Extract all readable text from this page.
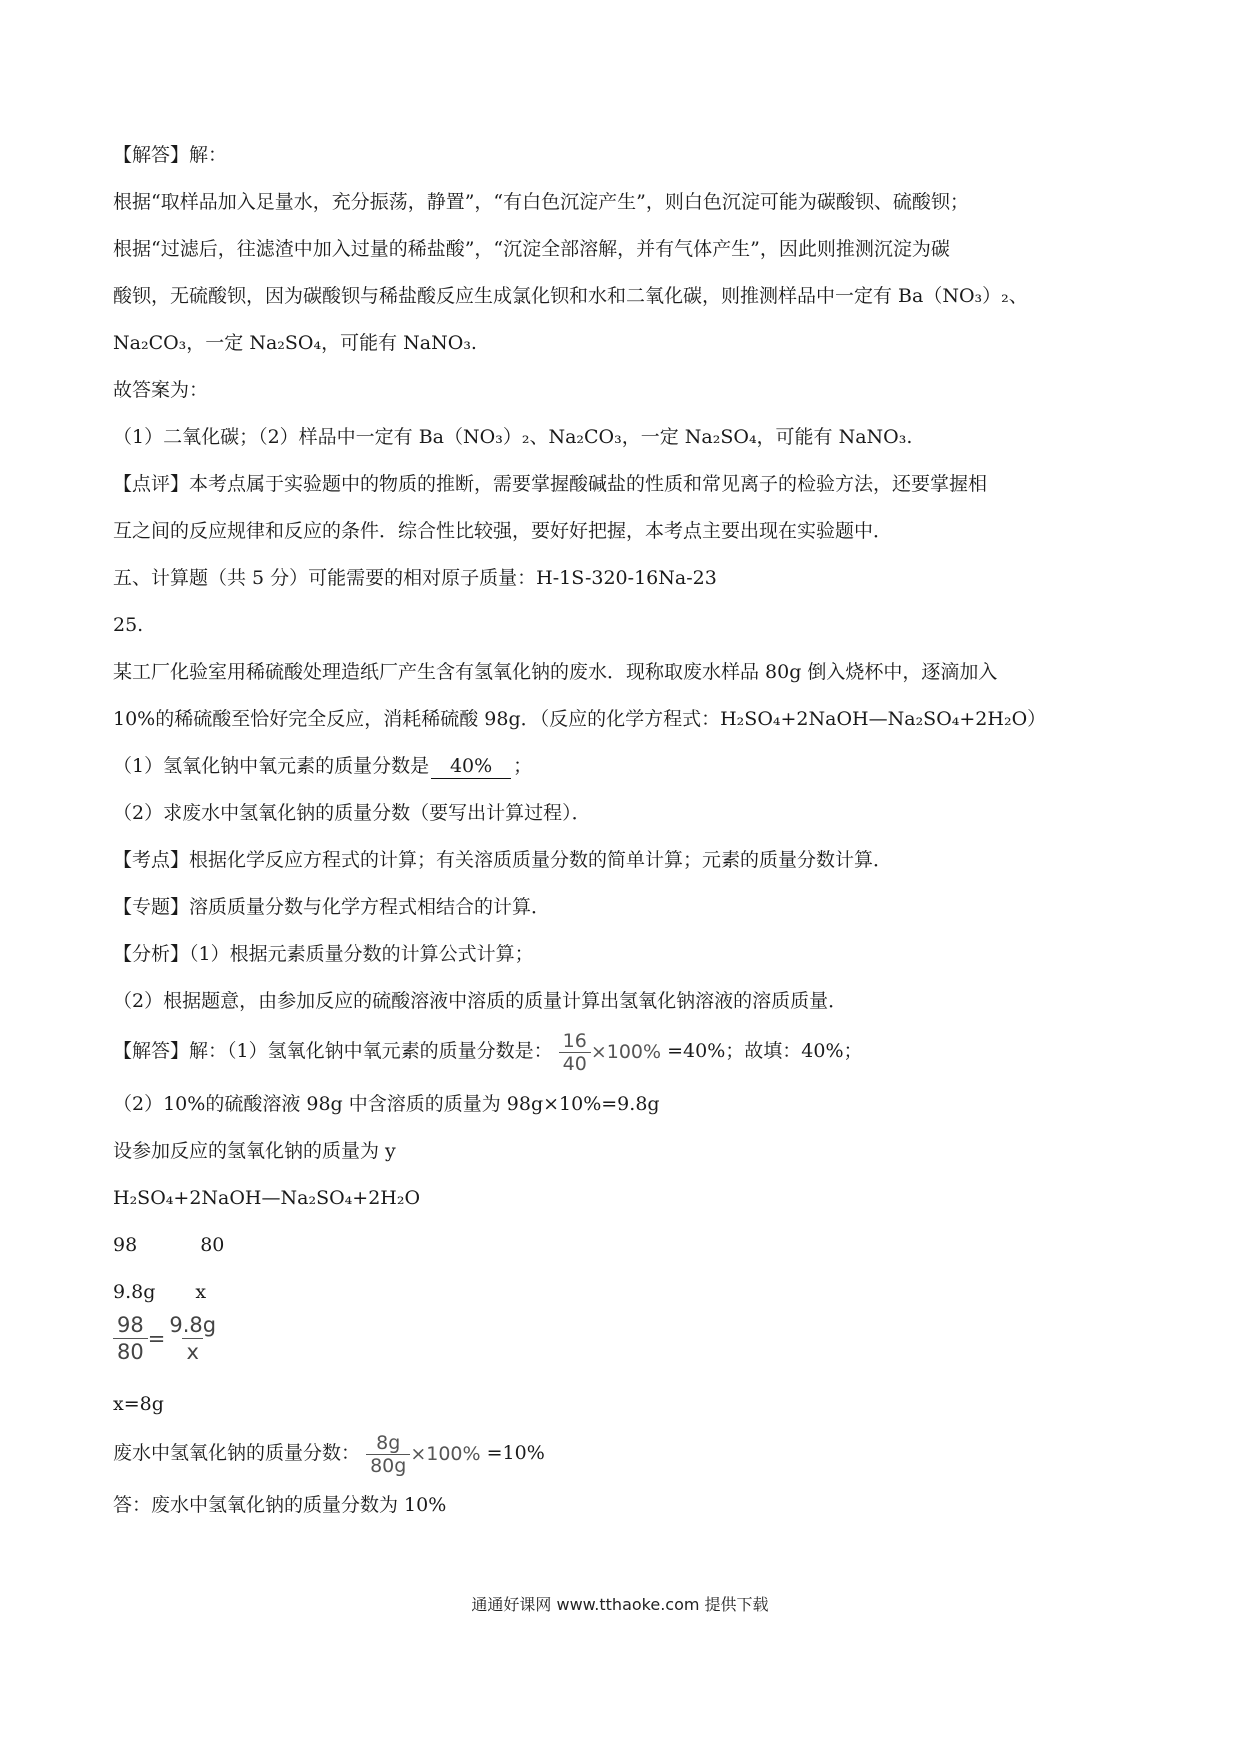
【解答】解：
根据“取样品加入足量水，充分振荡，静置”，“有白色沉淀产生”，则白色沉淀可能为碳酸钡、硫酸钡；
根据“过滤后，往滤渣中加入过量的稀盐酸”，“沉淀全部溶解，并有气体产生”，因此则推测沉淀为碳
酸钡，无硫酸钡，因为碳酸钡与稀盐酸反应生成氯化钡和水和二氧化碳，则推测样品中一定有 Ba（NO₃）₂、
Na₂CO₃，一定 Na₂SO₄，可能有 NaNO₃.
故答案为：
（1）二氧化碳；（2）样品中一定有 Ba（NO₃）₂、Na₂CO₃，一定 Na₂SO₄，可能有 NaNO₃.
【点评】本考点属于实验题中的物质的推断，需要掌握酸碱盐的性质和常见离子的检验方法，还要掌握相
互之间的反应规律和反应的条件．综合性比较强，要好好把握，本考点主要出现在实验题中．
五、计算题（共 5 分）可能需要的相对原子质量：H-1S-320-16Na-23
25.
某工厂化验室用稀硫酸处理造纸厂产生含有氢氧化钠的废水．现称取废水样品 80g 倒入烧杯中，逐滴加入
10%的稀硫酸至恰好完全反应，消耗稀硫酸 98g．（反应的化学方程式：H₂SO₄+2NaOH—Na₂SO₄+2H₂O）
（1）氢氧化钠中氧元素的质量分数是 40% ；
（2）求废水中氢氧化钠的质量分数（要写出计算过程）．
【考点】根据化学反应方程式的计算；有关溶质质量分数的简单计算；元素的质量分数计算．
【专题】溶质质量分数与化学方程式相结合的计算．
【分析】（1）根据元素质量分数的计算公式计算；
（2）根据题意，由参加反应的硫酸溶液中溶质的质量计算出氢氧化钠溶液的溶质质量．
【解答】解：（1）氢氧化钠中氧元素的质量分数是： $\frac{16}{40} \times 100\% =40\%$；故填：40%；
（2）10%的硫酸溶液 98g 中含溶质的质量为 98g×10%=9.8g
设参加反应的氢氧化钠的质量为 y
H₂SO₄+2NaOH—Na₂SO₄+2H₂O
98	80
9.8g x
$\frac{98}{80} = \frac{9.8g}{x}$
x=8g
废水中氢氧化钠的质量分数： $\frac{8g}{80g} \times 100\% =10\%$
答：废水中氢氧化钠的质量分数为 10%
通通好课网 www.tthaoke.com 提供下载
